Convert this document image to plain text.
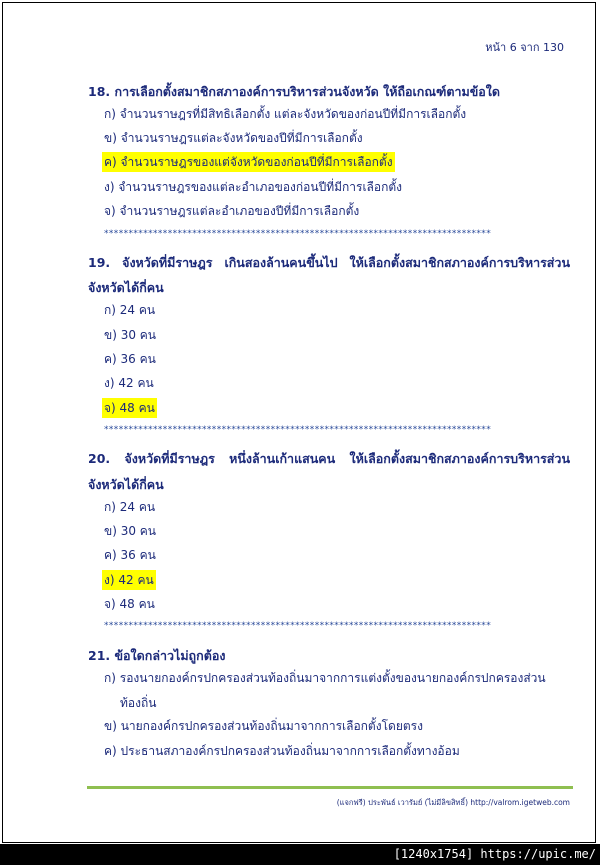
หน้า 6 จาก 130
18. การเลือกตั้งสมาชิกสภาองค์การบริหารส่วนจังหวัด ให้ถือเกณฑ์ตามข้อใด
ก) จำนวนราษฎรที่มีสิทธิเลือกตั้ง แต่ละจังหวัดของก่อนปีที่มีการเลือกตั้ง
ข) จำนวนราษฎรแต่ละจังหวัดของปีที่มีการเลือกตั้ง
ค) จำนวนราษฎรของแต่จังหวัดของก่อนปีที่มีการเลือกตั้ง
ง) จำนวนราษฎรของแต่ละอำเภอของก่อนปีที่มีการเลือกตั้ง
จ) จำนวนราษฎรแต่ละอำเภอของปีที่มีการเลือกตั้ง
*******************************************************************************
19. จังหวัดที่มีราษฎร เกินสองล้านคนขึ้นไป ให้เลือกตั้งสมาชิกสภาองค์การบริหารส่วน
จังหวัดได้กี่คน
ก) 24 คน
ข) 30 คน
ค) 36 คน
ง) 42 คน
จ) 48 คน
*******************************************************************************
20. จังหวัดที่มีราษฎร หนึ่งล้านเก้าแสนคน ให้เลือกตั้งสมาชิกสภาองค์การบริหารส่วน
จังหวัดได้กี่คน
ก) 24 คน
ข) 30 คน
ค) 36 คน
ง) 42 คน
จ) 48 คน
*******************************************************************************
21. ข้อใดกล่าวไม่ถูกต้อง
ก) รองนายกองค์กรปกครองส่วนท้องถิ่นมาจากการแต่งตั้งของนายกองค์กรปกครองส่วน
ท้องถิ่น
ข) นายกองค์กรปกครองส่วนท้องถิ่นมาจากการเลือกตั้งโดยตรง
ค) ประธานสภาองค์กรปกครองส่วนท้องถิ่นมาจากการเลือกตั้งทางอ้อม
(แจกฟรี) ประพันธ์ เวารัมย์ (ไม่มีลิขสิทธิ์) http://valrom.igetweb.com
[1240x1754] https://upic.me/
